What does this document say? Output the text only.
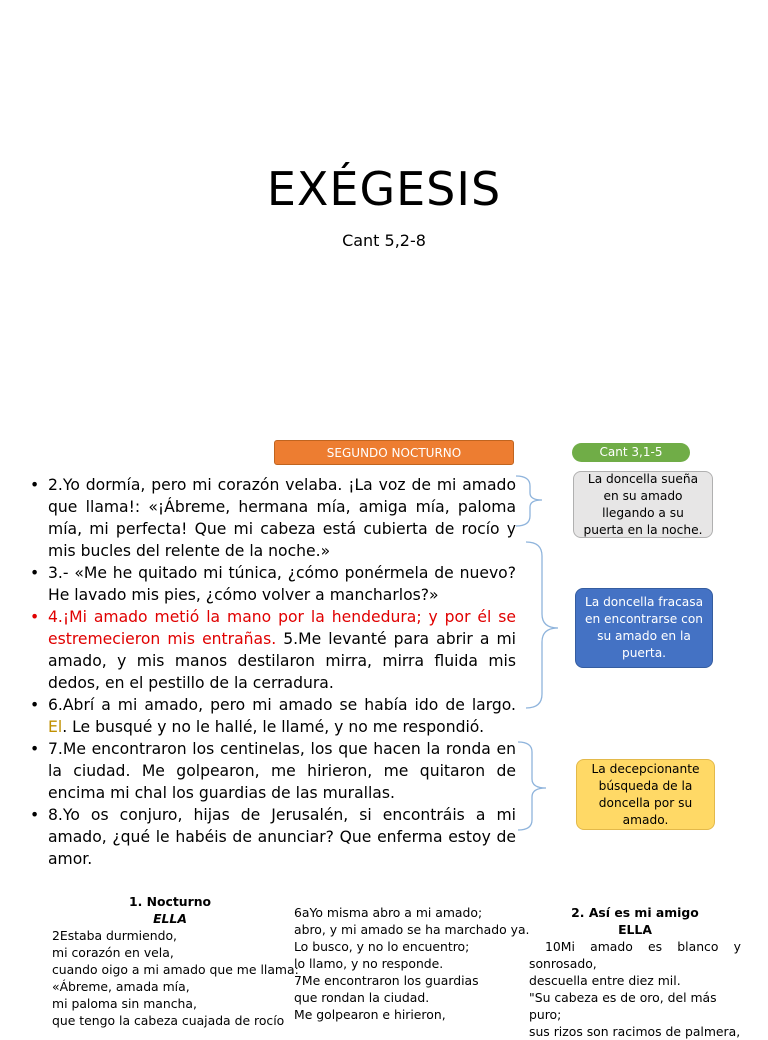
EXÉGESIS
Cant 5,2-8
SEGUNDO NOCTURNO	Cant 3,1-5
• 2.Yo dormía, pero mi corazón velaba. ¡La voz de mi amado que llama!: «¡Ábreme, hermana mía, amiga mía, paloma mía, mi perfecta! Que mi cabeza está cubierta de rocío y mis bucles del relente de la noche.»
• 3.- «Me he quitado mi túnica, ¿cómo ponérmela de nuevo? He lavado mis pies, ¿cómo volver a mancharlos?»
• 4.¡Mi amado metió la mano por la hendedura; y por él se estremecieron mis entrañas. 5.Me levanté para abrir a mi amado, y mis manos destilaron mirra, mirra fluida mis dedos, en el pestillo de la cerradura.
• 6.Abrí a mi amado, pero mi amado se había ido de largo. El. Le busqué y no le hallé, le llamé, y no me respondió.
• 7.Me encontraron los centinelas, los que hacen la ronda en la ciudad. Me golpearon, me hirieron, me quitaron de encima mi chal los guardias de las murallas.
• 8.Yo os conjuro, hijas de Jerusalén, si encontráis a mi amado, ¿qué le habéis de anunciar? Que enferma estoy de amor.
La doncella sueña en su amado llegando a su puerta en la noche.
La doncella fracasa en encontrarse con su amado en la puerta.
La decepcionante búsqueda de la doncella por su amado.
1. Nocturno
ELLA
2Estaba durmiendo,
mi corazón en vela,
cuando oigo a mi amado que me llama:
«Ábreme, amada mía,
mi paloma sin mancha,
que tengo la cabeza cuajada de rocío
6aYo misma abro a mi amado;
abro, y mi amado se ha marchado ya.
Lo busco, y no lo encuentro;
lo llamo, y no responde.
7Me encontraron los guardias
que rondan la ciudad.
Me golpearon e hirieron,
2. Así es mi amigo
ELLA
10Mi amado es blanco y
sonrosado,
descuella entre diez mil.
"Su cabeza es de oro, del más puro;
sus rizos son racimos de palmera,
